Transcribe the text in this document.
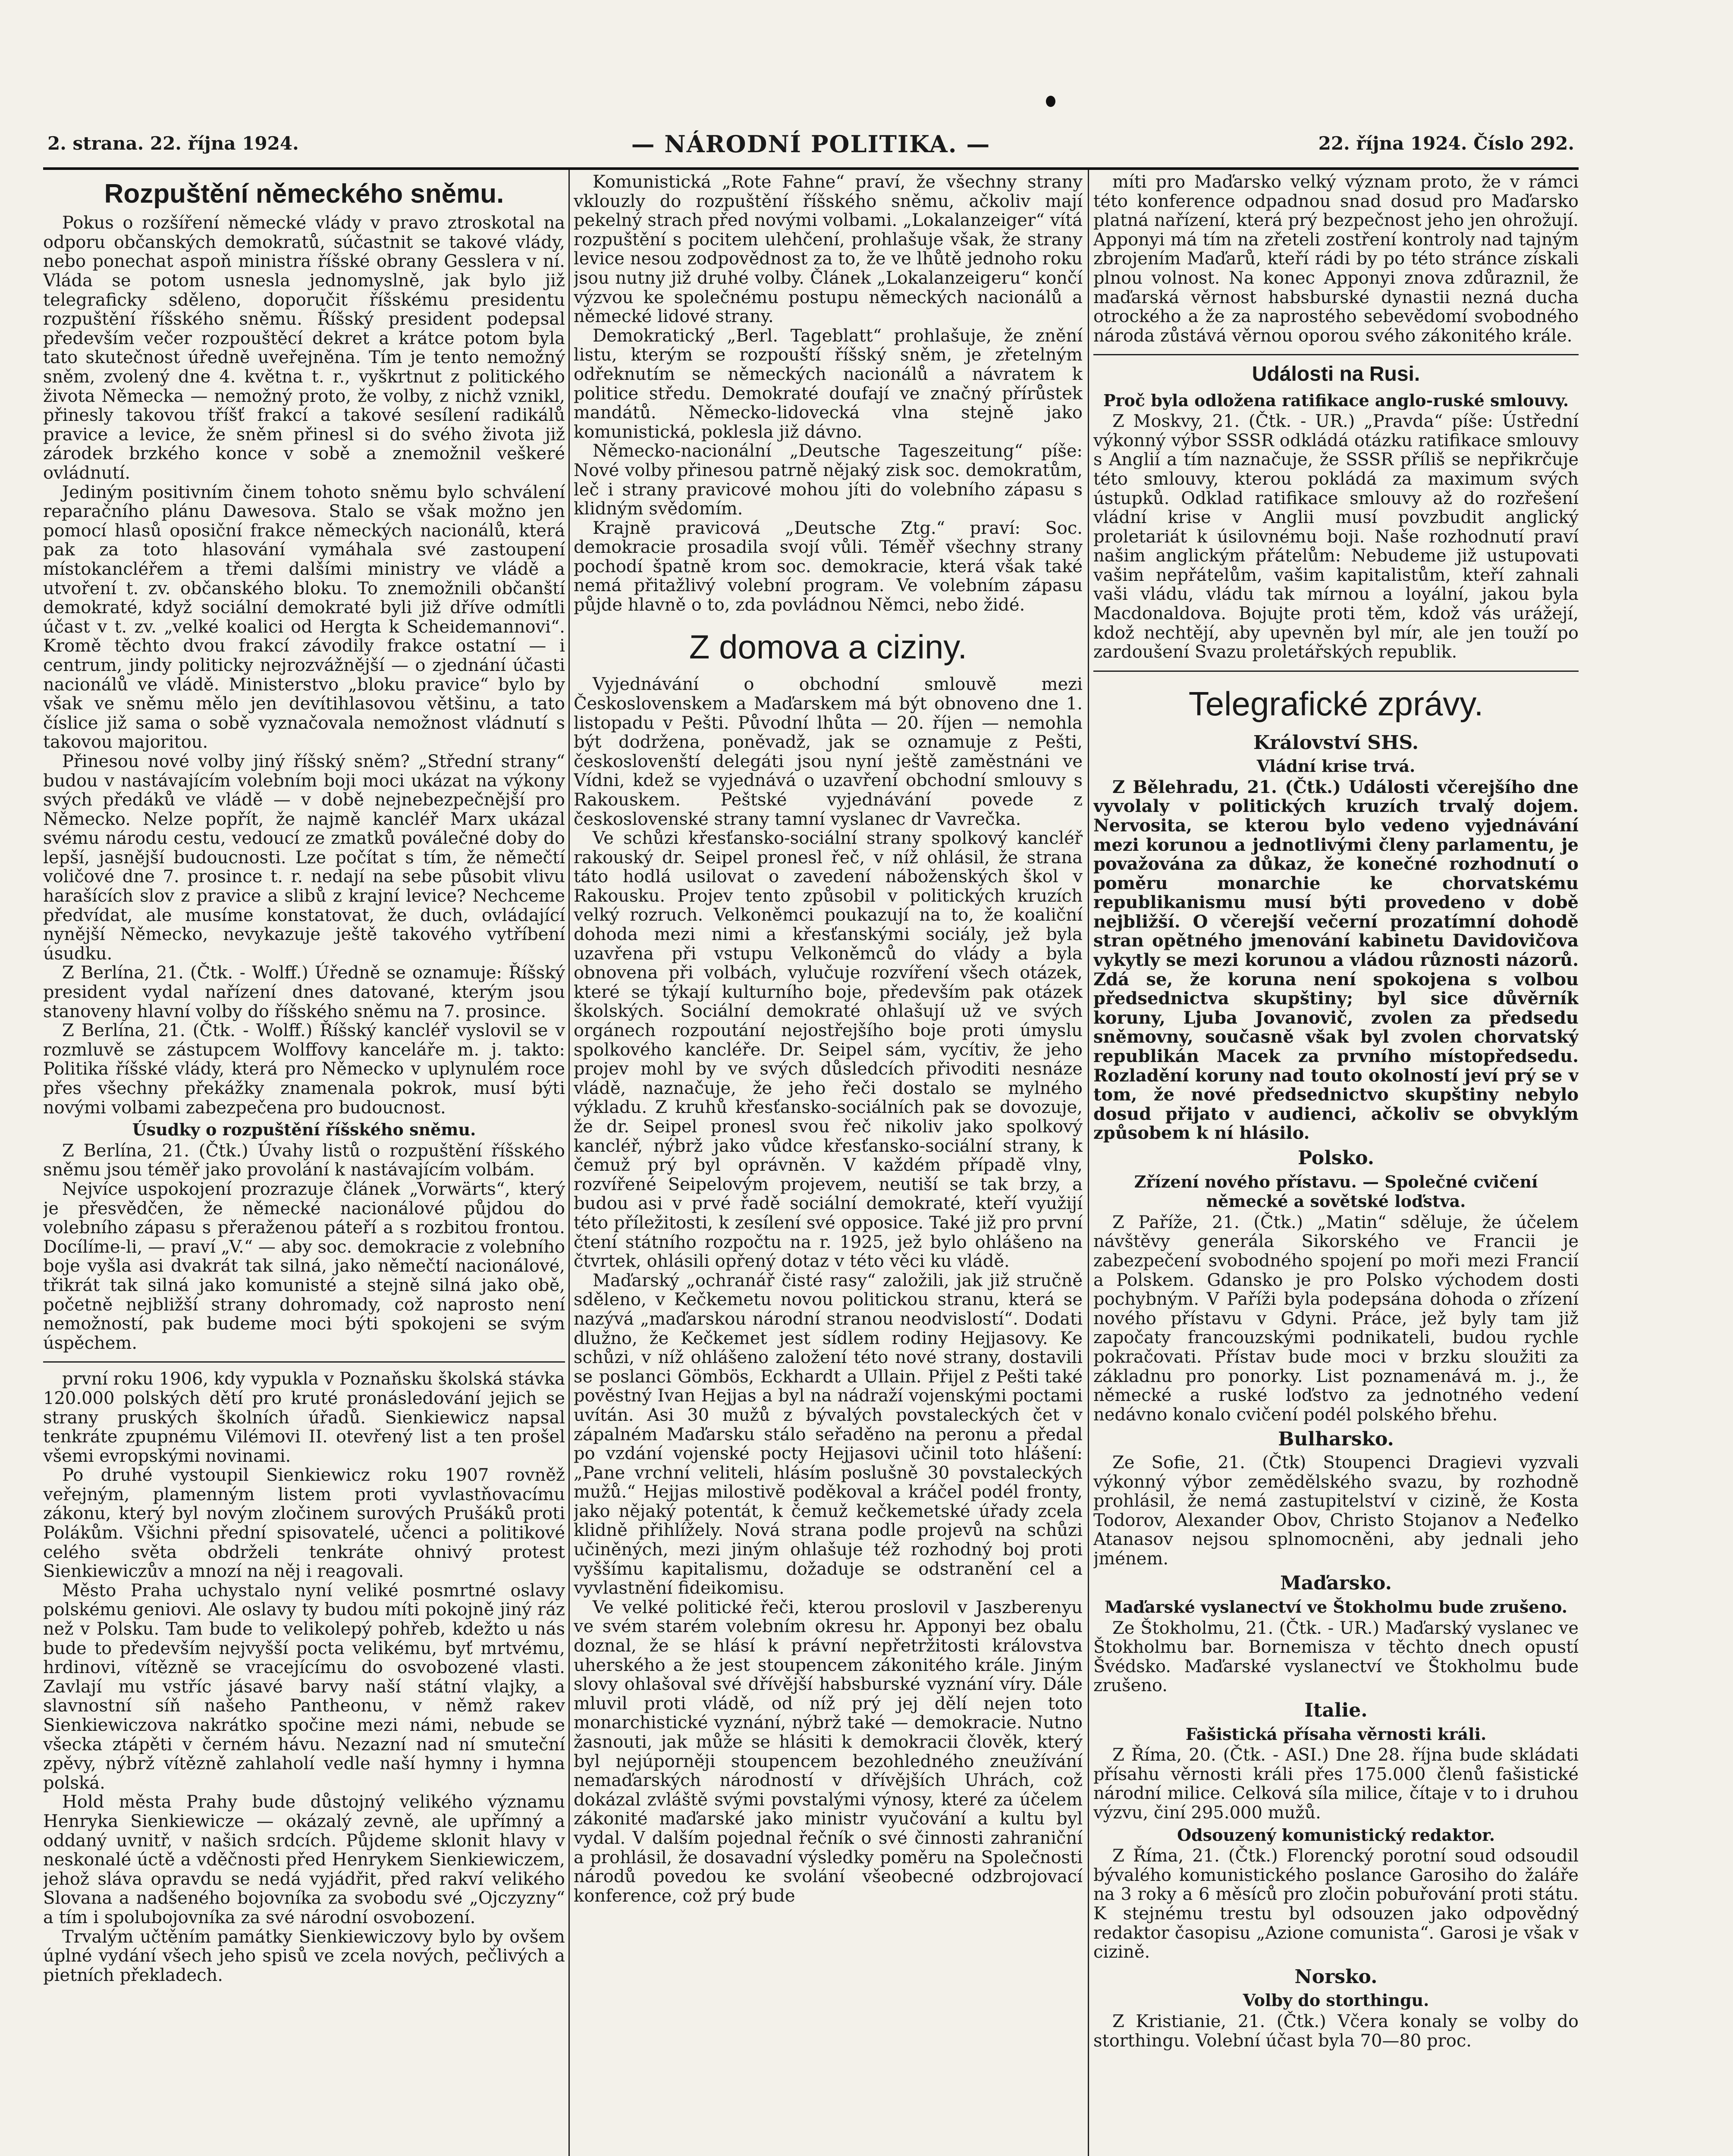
2. strana. 22. října 1924.	— NÁRODNÍ POLITIKA. —	22. října 1924. Číslo 292.
Rozpuštění německého sněmu.

Pokus o rozšíření německé vlády v pravo ztroskotal na odporu občanských demokratů, súčastnit se takové vlády, nebo ponechat aspoň ministra říšské obrany Gesslera v ní. Vláda se potom usnesla jednomyslně, jak bylo již telegraficky sděleno, doporučit říšskému presidentu rozpuštění říšského sněmu. Říšský president podepsal především večer rozpouštěcí dekret a krátce potom byla tato skutečnost úředně uveřejněna. Tím je tento nemožný sněm, zvolený dne 4. května t. r., vyškrtnut z politického života Německa — nemožný proto, že volby, z nichž vznikl, přinesly takovou tříšť frakcí a takové sesílení radikálů pravice a levice, že sněm přinesl si do svého života již zárodek brzkého konce v sobě a znemožnil veškeré ovládnutí.

Jediným positivním činem tohoto sněmu bylo schválení reparačního plánu Dawesova. Stalo se však možno jen pomocí hlasů oposiční frakce německých nacionálů, která pak za toto hlasování vymáhala své zastoupení místokancléřem a třemi dalšími ministry ve vládě a utvoření t. zv. občanského bloku. To znemožnili občanští demokraté, když sociální demokraté byli již dříve odmítli účast v t. zv. „velké koalici od Hergta k Scheidemannovi“. Kromě těchto dvou frakcí závodily frakce ostatní — i centrum, jindy politicky nejrozvážnější — o zjednání účasti nacionálů ve vládě. Ministerstvo „bloku pravice“ bylo by však ve sněmu mělo jen devítihlasovou většinu, a tato číslice již sama o sobě vyznačovala nemožnost vládnutí s takovou majoritou.

Přinesou nové volby jiný říšský sněm? „Střední strany“ budou v nastávajícím volebním boji moci ukázat na výkony svých předáků ve vládě — v době nejnebezpečnější pro Německo. Nelze popřít, že najmě kancléř Marx ukázal svému národu cestu, vedoucí ze zmatků poválečné doby do lepší, jasnější budoucnosti. Lze počítat s tím, že němečtí voličové dne 7. prosince t. r. nedají na sebe působit vlivu harašících slov z pravice a slibů z krajní levice? Nechceme předvídat, ale musíme konstatovat, že duch, ovládající nynější Německo, nevykazuje ještě takového vytříbení úsudku.

Z Berlína, 21. (Čtk. - Wolff.) Úředně se oznamuje: Říšský president vydal nařízení dnes datované, kterým jsou stanoveny hlavní volby do říšského sněmu na 7. prosince.

Z Berlína, 21. (Čtk. - Wolff.) Říšský kancléř vyslovil se v rozmluvě se zástupcem Wolffovy kanceláře m. j. takto: Politika říšské vlády, která pro Německo v uplynulém roce přes všechny překážky znamenala pokrok, musí býti novými volbami zabezpečena pro budoucnost.

Úsudky o rozpuštění říšského sněmu.

Z Berlína, 21. (Čtk.) Úvahy listů o rozpuštění říšského sněmu jsou téměř jako provolání k nastávajícím volbám.

Nejvíce uspokojení prozrazuje článek „Vorwärts“, který je přesvědčen, že německé nacionálové půjdou do volebního zápasu s přeraženou páteří a s rozbitou frontou. Docílíme-li, — praví „V.“ — aby soc. demokracie z volebního boje vyšla asi dvakrát tak silná, jako němečtí nacionálové, třikrát tak silná jako komunisté a stejně silná jako obě, početně nejbližší strany dohromady, což naprosto není nemožností, pak budeme moci býti spokojeni se svým úspěchem.

první roku 1906, kdy vypukla v Poznaňsku školská stávka 120.000 polských dětí pro kruté pronásledování jejich se strany pruských školních úřadů. Sienkiewicz napsal tenkráte zpupnému Vilémovi II. otevřený list a ten prošel všemi evropskými novinami.

Po druhé vystoupil Sienkiewicz roku 1907 rovněž veřejným, plamenným listem proti vyvlastňovacímu zákonu, který byl novým zločinem surových Prušáků proti Polákům. Všichni přední spisovatelé, učenci a politikové celého světa obdrželi tenkráte ohnivý protest Sienkiewiczův a mnozí na něj i reagovali.

Město Praha uchystalo nyní veliké posmrtné oslavy polskému geniovi. Ale oslavy ty budou míti pokojně jiný ráz než v Polsku. Tam bude to velikolepý pohřeb, kdežto u nás bude to především nejvyšší pocta velikému, byť mrtvému, hrdinovi, vítězně se vracejícímu do osvobozené vlasti. Zavlají mu vstříc jásavé barvy naší státní vlajky, a slavnostní síň našeho Pantheonu, v němž rakev Sienkiewiczova nakrátko spočine mezi námi, nebude se všecka ztápěti v černém hávu. Nezazní nad ní smuteční zpěvy, nýbrž vítězně zahlaholí vedle naší hymny i hymna polská.

Hold města Prahy bude důstojný velikého významu Henryka Sienkiewicze — okázalý zevně, ale upřímný a oddaný uvnitř, v našich srdcích. Půjdeme sklonit hlavy v neskonalé úctě a vděčnosti před Henrykem Sienkiewiczem, jehož sláva opravdu se nedá vyjádřit, před rakví velikého Slovana a nadšeného bojovníka za svobodu své „Ojczyzny“ a tím i spolubojovníka za své národní osvobození.

Trvalým učtěním památky Sienkiewiczovy bylo by ovšem úplné vydání všech jeho spisů ve zcela nových, pečlivých a pietních překladech.

Komunistická „Rote Fahne“ praví, že všechny strany vklouzly do rozpuštění říšského sněmu, ačkoliv mají pekelný strach před novými volbami. „Lokalanzeiger“ vítá rozpuštění s pocitem ulehčení, prohlašuje však, že strany levice nesou zodpovědnost za to, že ve lhůtě jednoho roku jsou nutny již druhé volby. Článek „Lokalanzeigeru“ končí výzvou ke společnému postupu německých nacionálů a německé lidové strany.

Demokratický „Berl. Tageblatt“ prohlašuje, že znění listu, kterým se rozpouští říšský sněm, je zřetelným odřeknutím se německých nacionálů a návratem k politice středu. Demokraté doufají ve značný přírůstek mandátů. Německo-lidovecká vlna stejně jako komunistická, poklesla již dávno.

Německo-nacionální „Deutsche Tageszeitung“ píše: Nové volby přinesou patrně nějaký zisk soc. demokratům, leč i strany pravicové mohou jíti do volebního zápasu s klidným svědomím.

Krajně pravicová „Deutsche Ztg.“ praví: Soc. demokracie prosadila svojí vůli. Téměř všechny strany pochodí špatně krom soc. demokracie, která však také nemá přitažlivý volební program. Ve volebním zápasu půjde hlavně o to, zda povládnou Němci, nebo židé.

Z domova a ciziny.

Vyjednávání o obchodní smlouvě mezi Československem a Maďarskem má být obnoveno dne 1. listopadu v Pešti. Původní lhůta — 20. říjen — nemohla být dodržena, poněvadž, jak se oznamuje z Pešti, českoslovenští delegáti jsou nyní ještě zaměstnáni ve Vídni, kdež se vyjednává o uzavření obchodní smlouvy s Rakouskem. Peštské vyjednávání povede z československé strany tamní vyslanec dr Vavrečka.

Ve schůzi křesťansko-sociální strany spolkový kancléř rakouský dr. Seipel pronesl řeč, v níž ohlásil, že strana táto hodlá usilovat o zavedení náboženských škol v Rakousku. Projev tento způsobil v politických kruzích velký rozruch. Velkoněmci poukazují na to, že koaliční dohoda mezi nimi a křesťanskými sociály, jež byla uzavřena při vstupu Velkoněmců do vlády a byla obnovena při volbách, vylučuje rozvíření všech otázek, které se týkají kulturního boje, především pak otázek školských. Sociální demokraté ohlašují už ve svých orgánech rozpoutání nejostřejšího boje proti úmyslu spolkového kancléře. Dr. Seipel sám, vycítiv, že jeho projev mohl by ve svých důsledcích přivoditi nesnáze vládě, naznačuje, že jeho řeči dostalo se mylného výkladu. Z kruhů křesťansko-sociálních pak se dovozuje, že dr. Seipel pronesl svou řeč nikoliv jako spolkový kancléř, nýbrž jako vůdce křesťansko-sociální strany, k čemuž prý byl oprávněn. V každém případě vlny, rozvířené Seipelovým projevem, neutiší se tak brzy, a budou asi v prvé řadě sociální demokraté, kteří využijí této příležitosti, k zesílení své opposice. Také již pro první čtení státního rozpočtu na r. 1925, jež bylo ohlášeno na čtvrtek, ohlásili opřený dotaz v této věci ku vládě.

Maďarský „ochranář čisté rasy“ založili, jak již stručně sděleno, v Kečkemetu novou politickou stranu, která se nazývá „maďarskou národní stranou neodvislostí“. Dodati dlužno, že Kečkemet jest sídlem rodiny Hejjasovy. Ke schůzi, v níž ohlášeno založení této nové strany, dostavili se poslanci Gömbös, Eckhardt a Ullain. Přijel z Pešti také pověstný Ivan Hejjas a byl na nádraží vojenskými poctami uvítán. Asi 30 mužů z bývalých povstaleckých čet v zápalném Maďarsku stálo seřaděno na peronu a předal po vzdání vojenské pocty Hejjasovi učinil toto hlášení: „Pane vrchní veliteli, hlásím poslušně 30 povstaleckých mužů.“ Hejjas milostivě poděkoval a kráčel podél fronty, jako nějaký potentát, k čemuž kečkemetské úřady zcela klidně přihlížely. Nová strana podle projevů na schůzi učiněných, mezi jiným ohlašuje též rozhodný boj proti vyššímu kapitalismu, dožaduje se odstranění cel a vyvlastnění fideikomisu.

Ve velké politické řeči, kterou proslovil v Jaszberenyu ve svém starém volebním okresu hr. Apponyi bez obalu doznal, že se hlásí k právní nepřetržitosti královstva uherského a že jest stoupencem zákonitého krále. Jiným slovy ohlašoval své dřívější habsburské vyznání víry. Dále mluvil proti vládě, od níž prý jej dělí nejen toto monarchistické vyznání, nýbrž také — demokracie. Nutno žasnouti, jak může se hlásiti k demokracii člověk, který byl nejúporněji stoupencem bezohledného zneužívání nemaďarských národností v dřívějších Uhrách, což dokázal zvláště svými povstalými výnosy, které za účelem zákonité maďarské jako ministr vyučování a kultu byl vydal. V dalším pojednal řečník o své činnosti zahraniční a prohlásil, že dosavadní výsledky poměru na Společnosti národů povedou ke svolání všeobecné odzbrojovací konference, což prý bude

míti pro Maďarsko velký význam proto, že v rámci této konference odpadnou snad dosud pro Maďarsko platná nařízení, která prý bezpečnost jeho jen ohrožují. Apponyi má tím na zřeteli zostření kontroly nad tajným zbrojením Maďarů, kteří rádi by po této stránce získali plnou volnost. Na konec Apponyi znova zdůraznil, že maďarská věrnost habsburské dynastii nezná ducha otrockého a že za naprostého sebevědomí svobodného národa zůstává věrnou oporou svého zákonitého krále.

Události na Rusi.
Proč byla odložena ratifikace anglo-ruské smlouvy.

Z Moskvy, 21. (Čtk. - UR.) „Pravda“ píše: Ústřední výkonný výbor SSSR odkládá otázku ratifikace smlouvy s Anglií a tím naznačuje, že SSSR příliš se nepřikrčuje této smlouvy, kterou pokládá za maximum svých ústupků. Odklad ratifikace smlouvy až do rozřešení vládní krise v Anglii musí povzbudit anglický proletariát k úsilovnému boji. Naše rozhodnutí praví našim anglickým přátelům: Nebudeme již ustupovati vašim nepřátelům, vašim kapitalistům, kteří zahnali vaši vládu, vládu tak mírnou a loyální, jakou byla Macdonaldova. Bojujte proti těm, kdož vás urážejí, kdož nechtějí, aby upevněn byl mír, ale jen touží po zardoušení Svazu proletářských republik.

Telegrafické zprávy.
Království SHS.
Vládní krise trvá.

Z Bělehradu, 21. (Čtk.) Události včerejšího dne vyvolaly v politických kruzích trvalý dojem. Nervosita, se kterou bylo vedeno vyjednávání mezi korunou a jednotlivými členy parlamentu, je považována za důkaz, že konečné rozhodnutí o poměru monarchie ke chorvatskému republikanismu musí býti provedeno v době nejbližší. O včerejší večerní prozatímní dohodě stran opětného jmenování kabinetu Davidovičova vykytly se mezi korunou a vládou různosti názorů. Zdá se, že koruna není spokojena s volbou předsednictva skupštiny; byl sice důvěrník koruny, Ljuba Jovanovič, zvolen za předsedu sněmovny, současně však byl zvolen chorvatský republikán Macek za prvního místopředsedu. Rozladění koruny nad touto okolností jeví prý se v tom, že nové předsednictvo skupštiny nebylo dosud přijato v audienci, ačkoliv se obvyklým způsobem k ní hlásilo.

Polsko.
Zřízení nového přístavu. — Společné cvičení německé a sovětské loďstva.

Z Paříže, 21. (Čtk.) „Matin“ sděluje, že účelem návštěvy generála Sikorského ve Francii je zabezpečení svobodného spojení po moři mezi Francií a Polskem. Gdansko je pro Polsko východem dosti pochybným. V Paříži byla podepsána dohoda o zřízení nového přístavu v Gdyni. Práce, jež byly tam již započaty francouzskými podnikateli, budou rychle pokračovati. Přístav bude moci v brzku sloužiti za základnu pro ponorky. List poznamenává m. j., že německé a ruské loďstvo za jednotného vedení nedávno konalo cvičení podél polského břehu.

Bulharsko.

Ze Sofie, 21. (Čtk) Stoupenci Dragievi vyzvali výkonný výbor zemědělského svazu, by rozhodně prohlásil, že nemá zastupitelství v cizině, že Kosta Todorov, Alexander Obov, Christo Stojanov a Neđelko Atanasov nejsou splnomocněni, aby jednali jeho jménem.

Maďarsko.
Maďarské vyslanectví ve Štokholmu bude zrušeno.

Ze Štokholmu, 21. (Čtk. - UR.) Maďarský vyslanec ve Štokholmu bar. Bornemisza v těchto dnech opustí Švédsko. Maďarské vyslanectví ve Štokholmu bude zrušeno.

Italie.
Fašistická přísaha věrnosti králi.

Z Říma, 20. (Čtk. - ASI.) Dne 28. října bude skládati přísahu věrnosti králi přes 175.000 členů fašistické národní milice. Celková síla milice, čítaje v to i druhou výzvu, činí 295.000 mužů.

Odsouzený komunistický redaktor.

Z Říma, 21. (Čtk.) Florencký porotní soud odsoudil bývalého komunistického poslance Garosiho do žaláře na 3 roky a 6 měsíců pro zločin pobuřování proti státu. K stejnému trestu byl odsouzen jako odpovědný redaktor časopisu „Azione comunista“. Garosi je však v cizině.

Norsko.
Volby do storthingu.

Z Kristianie, 21. (Čtk.) Včera konaly se volby do storthingu. Volební účast byla 70—80 proc.
